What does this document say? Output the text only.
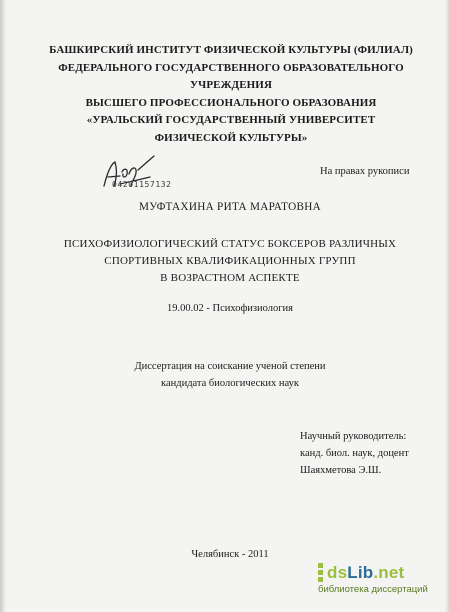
БАШКИРСКИЙ ИНСТИТУТ ФИЗИЧЕСКОЙ КУЛЬТУРЫ (ФИЛИАЛ)
ФЕДЕРАЛЬНОГО ГОСУДАРСТВЕННОГО ОБРАЗОВАТЕЛЬНОГО
УЧРЕЖДЕНИЯ
ВЫСШЕГО ПРОФЕССИОНАЛЬНОГО ОБРАЗОВАНИЯ
«УРАЛЬСКИЙ ГОСУДАРСТВЕННЫЙ УНИВЕРСИТЕТ
ФИЗИЧЕСКОЙ КУЛЬТУРЫ»
На правах рукописи
04201157132
МУФТАХИНА РИТА МАРАТОВНА
ПСИХОФИЗИОЛОГИЧЕСКИЙ СТАТУС БОКСЕРОВ РАЗЛИЧНЫХ
СПОРТИВНЫХ КВАЛИФИКАЦИОННЫХ ГРУПП
В ВОЗРАСТНОМ АСПЕКТЕ
19.00.02 - Психофизиология
Диссертация на соискание ученой степени
кандидата биологических наук
Научный руководитель:
канд. биол. наук, доцент
Шаяхметова Э.Ш.
Челябинск - 2011
dsLib.net
библиотека диссертаций
